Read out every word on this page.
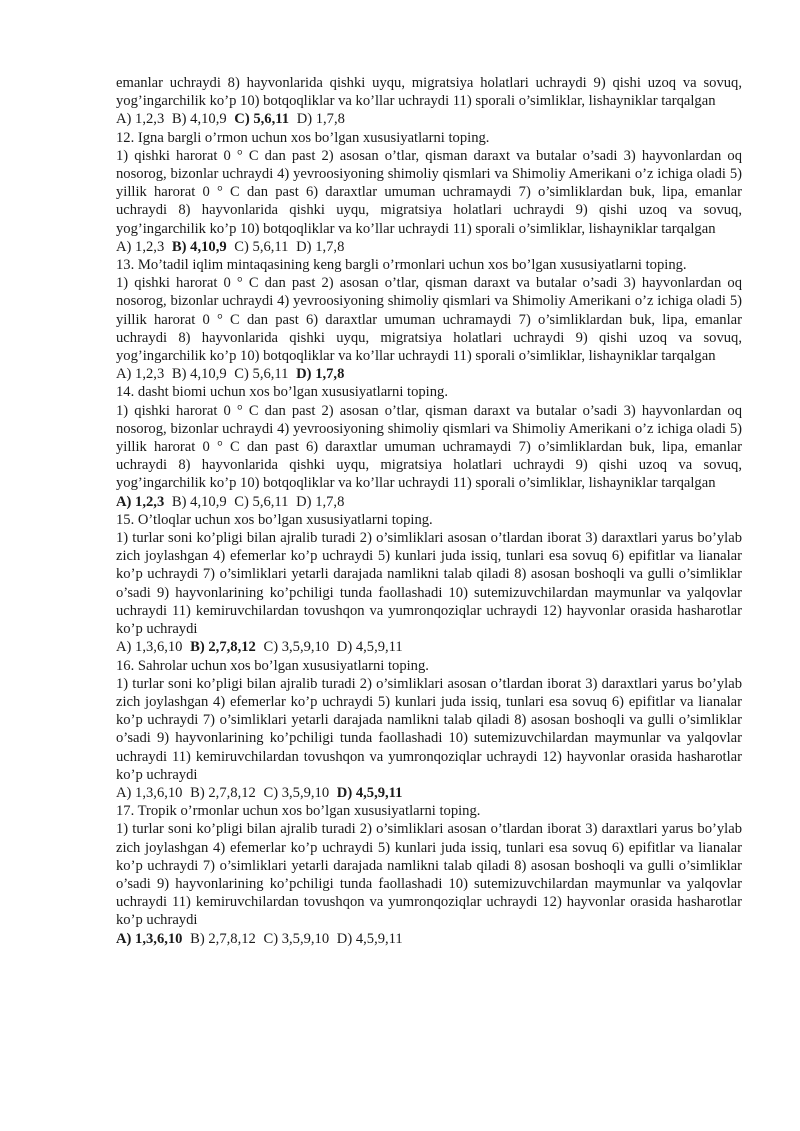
emanlar uchraydi 8) hayvonlarida qishki uyqu, migratsiya holatlari uchraydi 9) qishi uzoq va sovuq, yog’ingarchilik ko’p 10) botqoqliklar va ko’llar uchraydi 11) sporali o’simliklar, lishayniklar tarqalgan

A) 1,2,3 B) 4,10,9 C) 5,6,11 D) 1,7,8

12. Igna bargli o’rmon uchun xos bo’lgan xususiyatlarni toping.

1) qishki harorat 0 ° C dan past 2) asosan o’tlar, qisman daraxt va butalar o’sadi 3) hayvonlardan oq nosorog, bizonlar uchraydi 4) yevroosiyoning shimoliy qismlari va Shimoliy Amerikani o’z ichiga oladi 5) yillik harorat 0 ° C dan past 6) daraxtlar umuman uchramaydi 7) o’simliklardan buk, lipa, emanlar uchraydi 8) hayvonlarida qishki uyqu, migratsiya holatlari uchraydi 9) qishi uzoq va sovuq, yog’ingarchilik ko’p 10) botqoqliklar va ko’llar uchraydi 11) sporali o’simliklar, lishayniklar tarqalgan

A) 1,2,3 B) 4,10,9 C) 5,6,11 D) 1,7,8

13. Mo’tadil iqlim mintaqasining keng bargli o’rmonlari uchun xos bo’lgan xususiyatlarni toping.

1) qishki harorat 0 ° C dan past 2) asosan o’tlar, qisman daraxt va butalar o’sadi 3) hayvonlardan oq nosorog, bizonlar uchraydi 4) yevroosiyoning shimoliy qismlari va Shimoliy Amerikani o’z ichiga oladi 5) yillik harorat 0 ° C dan past 6) daraxtlar umuman uchramaydi 7) o’simliklardan buk, lipa, emanlar uchraydi 8) hayvonlarida qishki uyqu, migratsiya holatlari uchraydi 9) qishi uzoq va sovuq, yog’ingarchilik ko’p 10) botqoqliklar va ko’llar uchraydi 11) sporali o’simliklar, lishayniklar tarqalgan

A) 1,2,3 B) 4,10,9 C) 5,6,11 D) 1,7,8

14. dasht biomi uchun xos bo’lgan xususiyatlarni toping.

1) qishki harorat 0 ° C dan past 2) asosan o’tlar, qisman daraxt va butalar o’sadi 3) hayvonlardan oq nosorog, bizonlar uchraydi 4) yevroosiyoning shimoliy qismlari va Shimoliy Amerikani o’z ichiga oladi 5) yillik harorat 0 ° C dan past 6) daraxtlar umuman uchramaydi 7) o’simliklardan buk, lipa, emanlar uchraydi 8) hayvonlarida qishki uyqu, migratsiya holatlari uchraydi 9) qishi uzoq va sovuq, yog’ingarchilik ko’p 10) botqoqliklar va ko’llar uchraydi 11) sporali o’simliklar, lishayniklar tarqalgan

A) 1,2,3 B) 4,10,9 C) 5,6,11 D) 1,7,8

15. O’tloqlar uchun xos bo’lgan xususiyatlarni toping.

1) turlar soni ko’pligi bilan ajralib turadi 2) o’simliklari asosan o’tlardan iborat 3) daraxtlari yarus bo’ylab zich joylashgan 4) efemerlar ko’p uchraydi 5) kunlari juda issiq, tunlari esa sovuq 6) epifitlar va lianalar ko’p uchraydi 7) o’simliklari yetarli darajada namlikni talab qiladi 8) asosan boshoqli va gulli o’simliklar o’sadi 9) hayvonlarining ko’pchiligi tunda faollashadi 10) sutemizuvchilardan maymunlar va yalqovlar uchraydi 11) kemiruvchilardan tovushqon va yumronqoziqlar uchraydi 12) hayvonlar orasida hasharotlar ko’p uchraydi

A) 1,3,6,10 B) 2,7,8,12 C) 3,5,9,10 D) 4,5,9,11

16. Sahrolar uchun xos bo’lgan xususiyatlarni toping.

1) turlar soni ko’pligi bilan ajralib turadi 2) o’simliklari asosan o’tlardan iborat 3) daraxtlari yarus bo’ylab zich joylashgan 4) efemerlar ko’p uchraydi 5) kunlari juda issiq, tunlari esa sovuq 6) epifitlar va lianalar ko’p uchraydi 7) o’simliklari yetarli darajada namlikni talab qiladi 8) asosan boshoqli va gulli o’simliklar o’sadi 9) hayvonlarining ko’pchiligi tunda faollashadi 10) sutemizuvchilardan maymunlar va yalqovlar uchraydi 11) kemiruvchilardan tovushqon va yumronqoziqlar uchraydi 12) hayvonlar orasida hasharotlar ko’p uchraydi

A) 1,3,6,10 B) 2,7,8,12 C) 3,5,9,10 D) 4,5,9,11

17. Tropik o’rmonlar uchun xos bo’lgan xususiyatlarni toping.

1) turlar soni ko’pligi bilan ajralib turadi 2) o’simliklari asosan o’tlardan iborat 3) daraxtlari yarus bo’ylab zich joylashgan 4) efemerlar ko’p uchraydi 5) kunlari juda issiq, tunlari esa sovuq 6) epifitlar va lianalar ko’p uchraydi 7) o’simliklari yetarli darajada namlikni talab qiladi 8) asosan boshoqli va gulli o’simliklar o’sadi 9) hayvonlarining ko’pchiligi tunda faollashadi 10) sutemizuvchilardan maymunlar va yalqovlar uchraydi 11) kemiruvchilardan tovushqon va yumronqoziqlar uchraydi 12) hayvonlar orasida hasharotlar ko’p uchraydi

A) 1,3,6,10 B) 2,7,8,12 C) 3,5,9,10 D) 4,5,9,11
